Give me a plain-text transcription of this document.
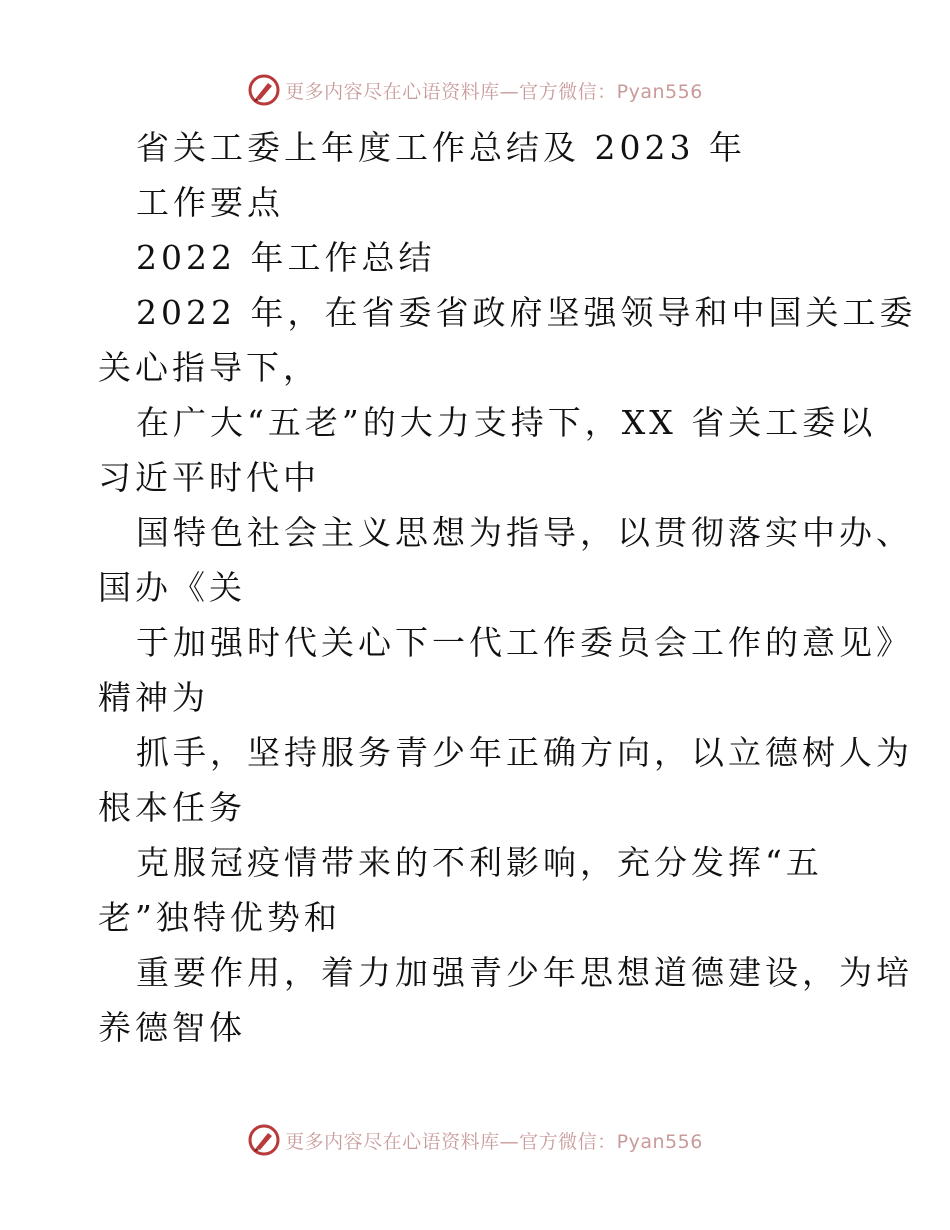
更多内容尽在心语资料库—官方微信：Pyan556
省关工委上年度工作总结及 2023 年
工作要点
2022 年工作总结
2022 年，在省委省政府坚强领导和中国关工委
关心指导下，
在广大“五老”的大力支持下，XX 省关工委以
习近平时代中
国特色社会主义思想为指导，以贯彻落实中办、
国办《关
于加强时代关心下一代工作委员会工作的意见》
精神为
抓手，坚持服务青少年正确方向，以立德树人为
根本任务
克服冠疫情带来的不利影响，充分发挥“五
老”独特优势和
重要作用，着力加强青少年思想道德建设，为培
养德智体
更多内容尽在心语资料库—官方微信：Pyan556
